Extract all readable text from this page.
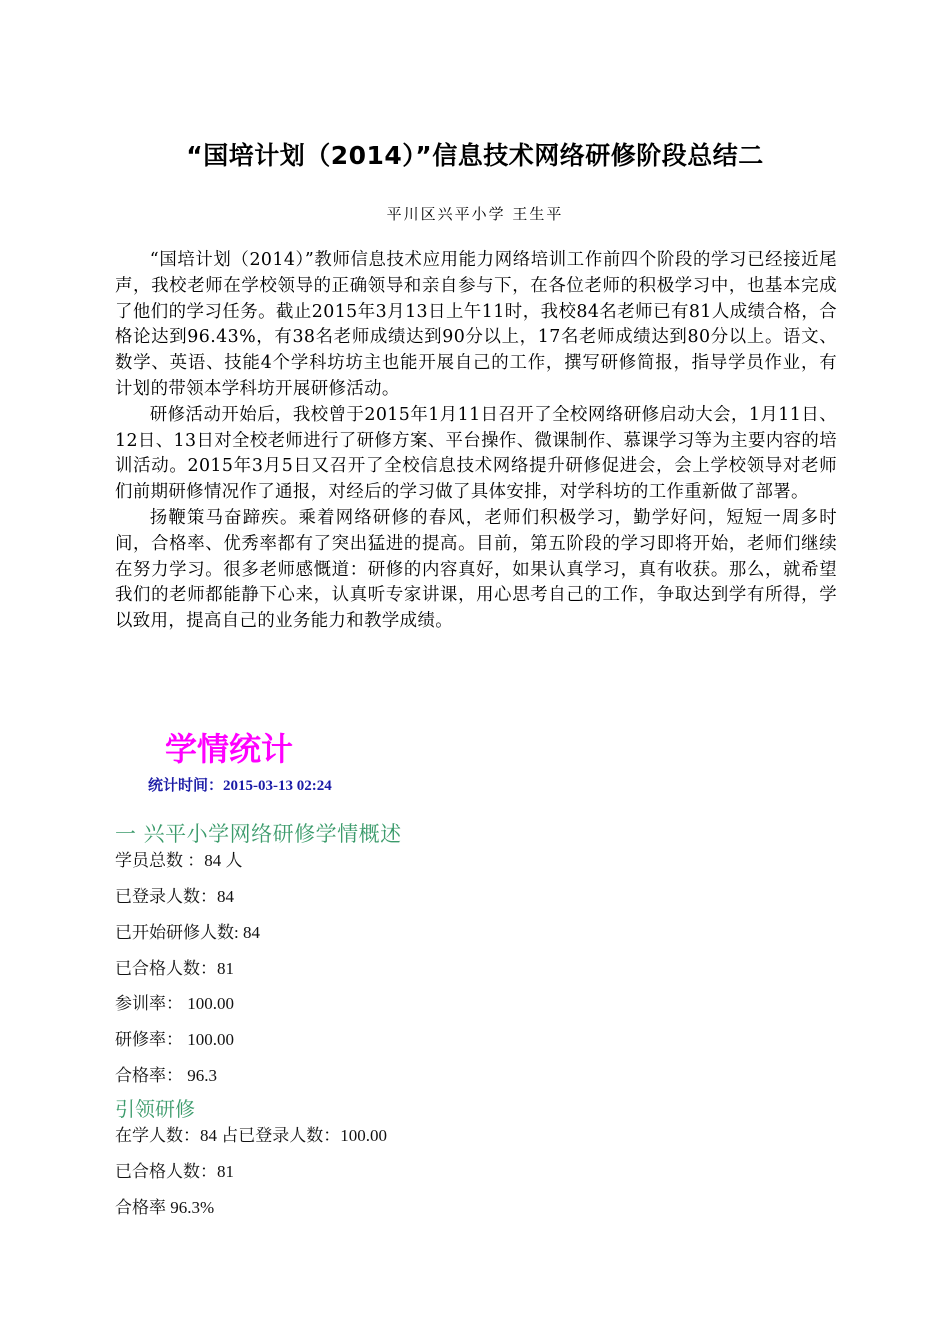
“国培计划（2014）”信息技术网络研修阶段总结二
平川区兴平小学 王生平

“国培计划（2014）”教师信息技术应用能力网络培训工作前四个阶段的学习已经接近尾声，我校老师在学校领导的正确领导和亲自参与下，在各位老师的积极学习中，也基本完成了他们的学习任务。截止2015年3月13日上午11时，我校84名老师已有81人成绩合格，合格论达到96.43%，有38名老师成绩达到90分以上，17名老师成绩达到80分以上。语文、数学、英语、技能4个学科坊坊主也能开展自己的工作，撰写研修简报，指导学员作业，有计划的带领本学科坊开展研修活动。

研修活动开始后，我校曾于2015年1月11日召开了全校网络研修启动大会，1月11日、12日、13日对全校老师进行了研修方案、平台操作、微课制作、慕课学习等为主要内容的培训活动。2015年3月5日又召开了全校信息技术网络提升研修促进会，会上学校领导对老师们前期研修情况作了通报，对经后的学习做了具体安排，对学科坊的工作重新做了部署。

扬鞭策马奋蹄疾。乘着网络研修的春风，老师们积极学习，勤学好问，短短一周多时间，合格率、优秀率都有了突出猛进的提高。目前，第五阶段的学习即将开始，老师们继续在努力学习。很多老师感慨道：研修的内容真好，如果认真学习，真有收获。那么，就希望我们的老师都能静下心来，认真听专家讲课，用心思考自己的工作，争取达到学有所得，学以致用，提高自己的业务能力和教学成绩。

学情统计
统计时间：2015-03-13 02:24
一 兴平小学网络研修学情概述
学员总数 ：84 人
已登录人数：84
已开始研修人数: 84
已合格人数：81
参训率： 100.00
研修率： 100.00
合格率： 96.3
引领研修
在学人数：84 占已登录人数：100.00
已合格人数：81
合格率 96.3%
